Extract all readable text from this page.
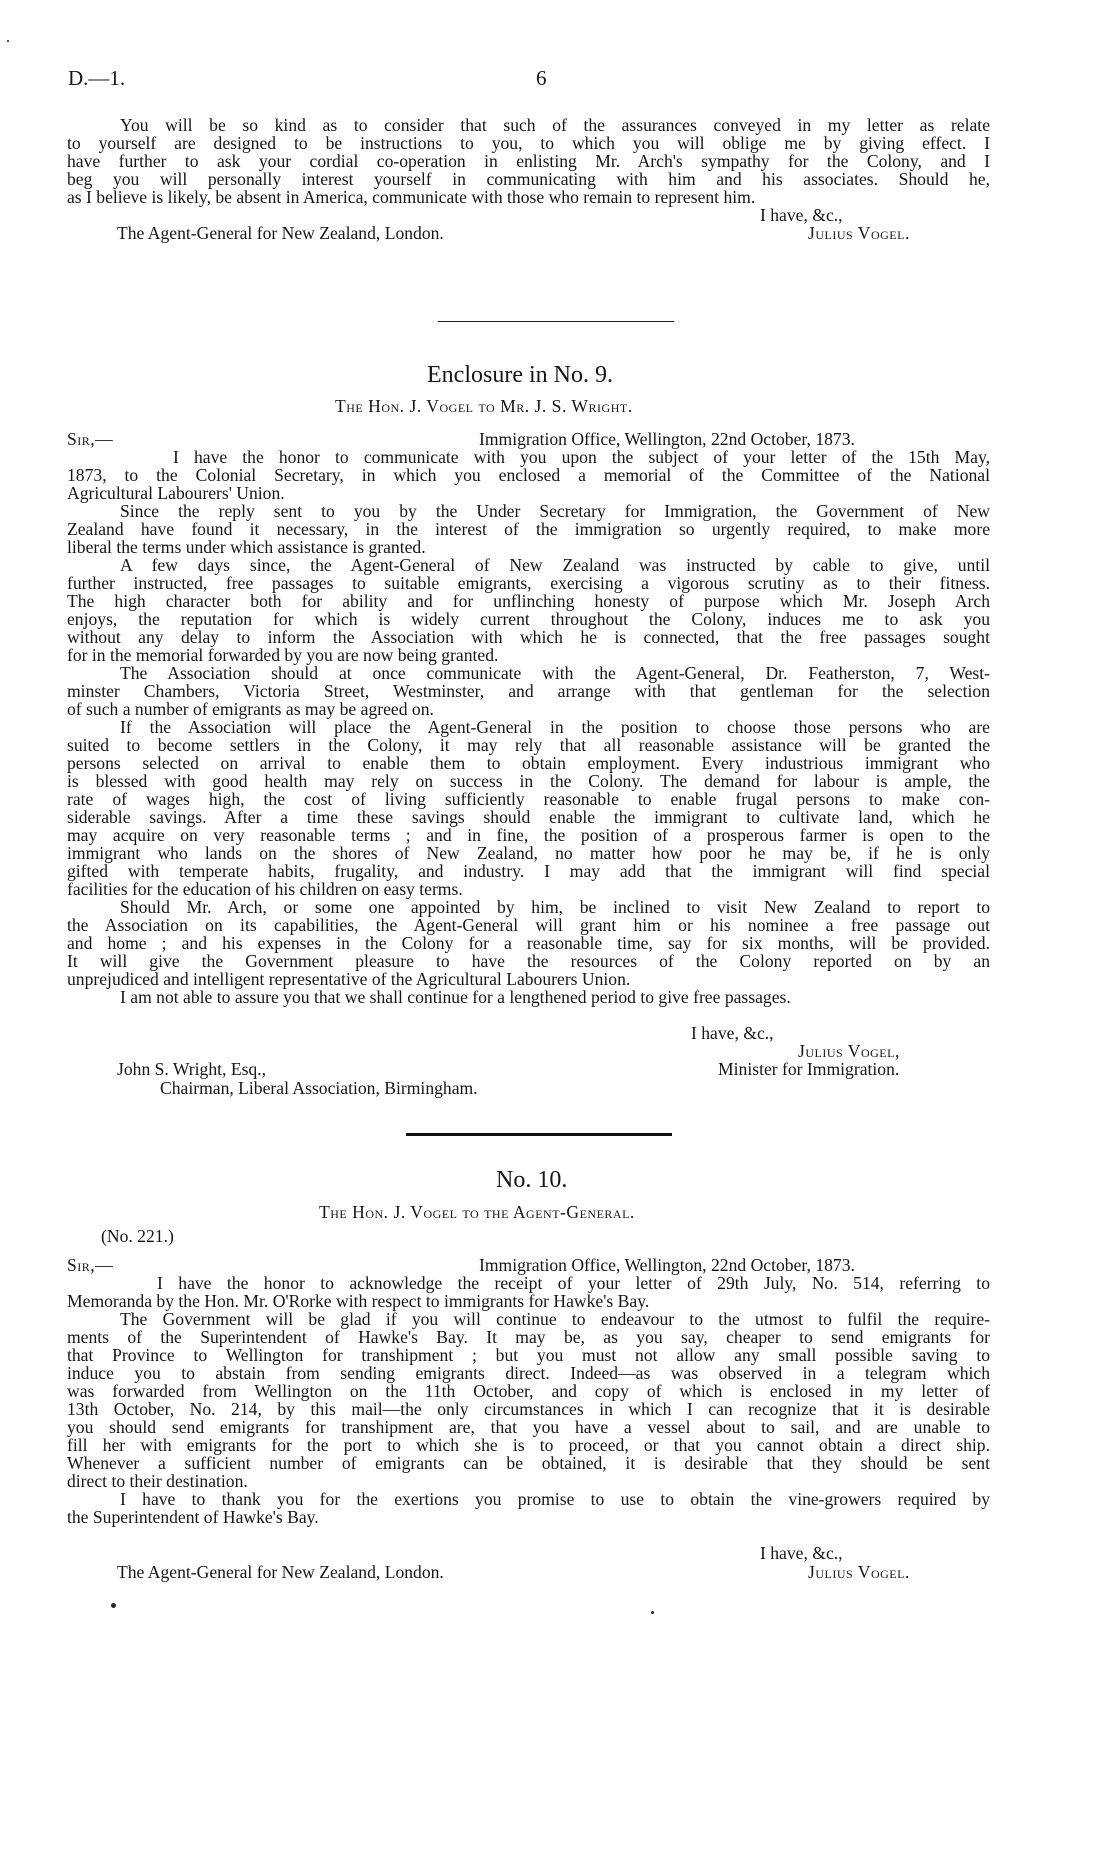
D.—1.	6
You will be so kind as to consider that such of the assurances conveyed in my letter as relate
to yourself are designed to be instructions to you, to which you will oblige me by giving effect. I
have further to ask your cordial co-operation in enlisting Mr. Arch's sympathy for the Colony, and I
beg you will personally interest yourself in communicating with him and his associates. Should he,
as I believe is likely, be absent in America, communicate with those who remain to represent him.
I have, &c.,
The Agent-General for New Zealand, London.	Julius Vogel.
Enclosure in No. 9.
The Hon. J. Vogel to Mr. J. S. Wright.
Sir,—	Immigration Office, Wellington, 22nd October, 1873.
I have the honor to communicate with you upon the subject of your letter of the 15th May,
1873, to the Colonial Secretary, in which you enclosed a memorial of the Committee of the National
Agricultural Labourers' Union.
Since the reply sent to you by the Under Secretary for Immigration, the Government of New
Zealand have found it necessary, in the interest of the immigration so urgently required, to make more
liberal the terms under which assistance is granted.
A few days since, the Agent-General of New Zealand was instructed by cable to give, until
further instructed, free passages to suitable emigrants, exercising a vigorous scrutiny as to their fitness.
The high character both for ability and for unflinching honesty of purpose which Mr. Joseph Arch
enjoys, the reputation for which is widely current throughout the Colony, induces me to ask you
without any delay to inform the Association with which he is connected, that the free passages sought
for in the memorial forwarded by you are now being granted.
The Association should at once communicate with the Agent-General, Dr. Featherston, 7, West-
minster Chambers, Victoria Street, Westminster, and arrange with that gentleman for the selection
of such a number of emigrants as may be agreed on.
If the Association will place the Agent-General in the position to choose those persons who are
suited to become settlers in the Colony, it may rely that all reasonable assistance will be granted the
persons selected on arrival to enable them to obtain employment. Every industrious immigrant who
is blessed with good health may rely on success in the Colony. The demand for labour is ample, the
rate of wages high, the cost of living sufficiently reasonable to enable frugal persons to make con-
siderable savings. After a time these savings should enable the immigrant to cultivate land, which he
may acquire on very reasonable terms ; and in fine, the position of a prosperous farmer is open to the
immigrant who lands on the shores of New Zealand, no matter how poor he may be, if he is only
gifted with temperate habits, frugality, and industry. I may add that the immigrant will find special
facilities for the education of his children on easy terms.
Should Mr. Arch, or some one appointed by him, be inclined to visit New Zealand to report to
the Association on its capabilities, the Agent-General will grant him or his nominee a free passage out
and home ; and his expenses in the Colony for a reasonable time, say for six months, will be provided.
It will give the Government pleasure to have the resources of the Colony reported on by an
unprejudiced and intelligent representative of the Agricultural Labourers Union.
I am not able to assure you that we shall continue for a lengthened period to give free passages.
I have, &c.,
Julius Vogel,
John S. Wright, Esq.,	Minister for Immigration.
Chairman, Liberal Association, Birmingham.
No. 10.
The Hon. J. Vogel to the Agent-General.
(No. 221.)
Sir,—	Immigration Office, Wellington, 22nd October, 1873.
I have the honor to acknowledge the receipt of your letter of 29th July, No. 514, referring to
Memoranda by the Hon. Mr. O'Rorke with respect to immigrants for Hawke's Bay.
The Government will be glad if you will continue to endeavour to the utmost to fulfil the require-
ments of the Superintendent of Hawke's Bay. It may be, as you say, cheaper to send emigrants for
that Province to Wellington for transhipment ; but you must not allow any small possible saving to
induce you to abstain from sending emigrants direct. Indeed—as was observed in a telegram which
was forwarded from Wellington on the 11th October, and copy of which is enclosed in my letter of
13th October, No. 214, by this mail—the only circumstances in which I can recognize that it is desirable
you should send emigrants for transhipment are, that you have a vessel about to sail, and are unable to
fill her with emigrants for the port to which she is to proceed, or that you cannot obtain a direct ship.
Whenever a sufficient number of emigrants can be obtained, it is desirable that they should be sent
direct to their destination.
I have to thank you for the exertions you promise to use to obtain the vine-growers required by
the Superintendent of Hawke's Bay.
I have, &c.,
The Agent-General for New Zealand, London.	Julius Vogel.
